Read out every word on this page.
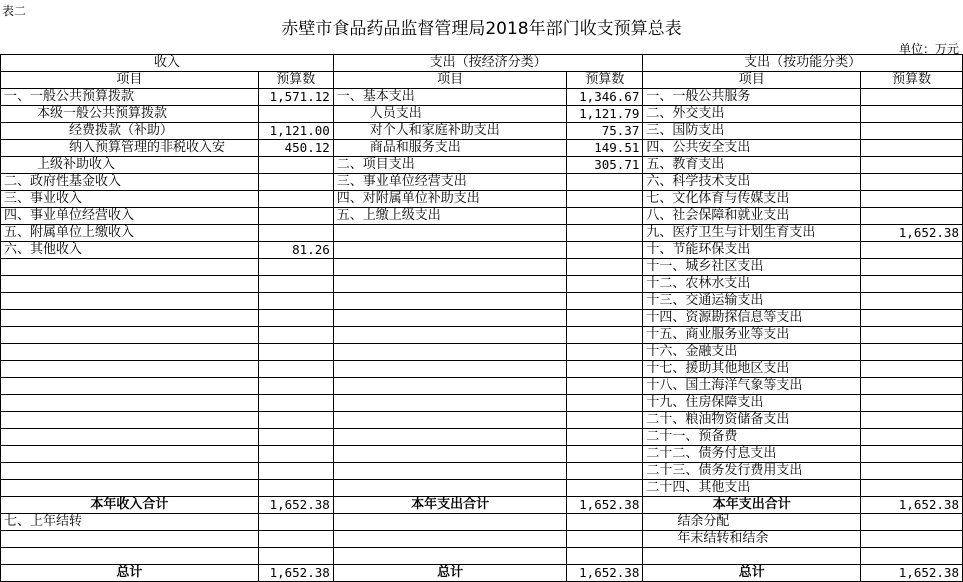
表二
赤壁市食品药品监督管理局2018年部门收支预算总表
单位：万元
收入		支出（按经济分类）		支出（按功能分类）	
项目	预算数	项目	预算数	项目	预算数
一、一般公共预算拨款	1,571.12	一、基本支出	1,346.67	一、一般公共服务	
本级一般公共预算拨款		人员支出	1,121.79	二、外交支出	
经费拨款（补助）	1,121.00	对个人和家庭补助支出	75.37	三、国防支出	
纳入预算管理的非税收入安	450.12	商品和服务支出	149.51	四、公共安全支出	
上级补助收入		二、项目支出	305.71	五、教育支出	
二、政府性基金收入		三、事业单位经营支出		六、科学技术支出	
三、事业收入		四、对附属单位补助支出		七、文化体育与传媒支出	
四、事业单位经营收入		五、上缴上级支出		八、社会保障和就业支出	
五、附属单位上缴收入				九、医疗卫生与计划生育支出	1,652.38
六、其他收入	81.26			十、节能环保支出	
				十一、城乡社区支出	
				十二、农林水支出	
				十三、交通运输支出	
				十四、资源勘探信息等支出	
				十五、商业服务业等支出	
				十六、金融支出	
				十七、援助其他地区支出	
				十八、国土海洋气象等支出	
				十九、住房保障支出	
				二十、粮油物资储备支出	
				二十一、预备费	
				二十二、债务付息支出	
				二十三、债务发行费用支出	
				二十四、其他支出	
本年收入合计	1,652.38	本年支出合计	1,652.38	本年支出合计	1,652.38
七、上年结转				结余分配	
				年末结转和结余	

总计	1,652.38	总计	1,652.38	总计	1,652.38
